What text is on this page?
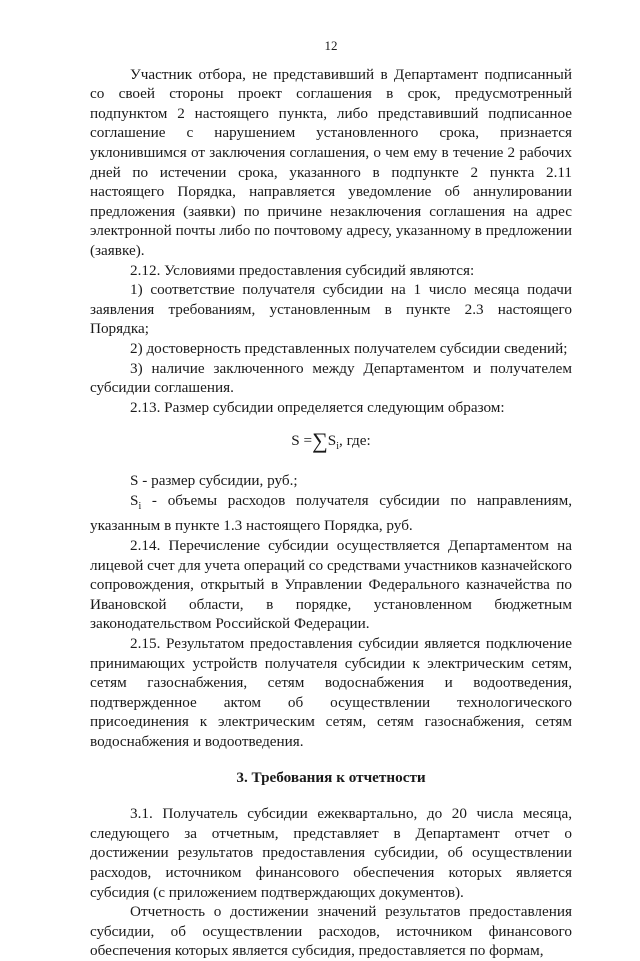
12

Участник отбора, не представивший в Департамент подписанный со своей стороны проект соглашения в срок, предусмотренный подпунктом 2 настоящего пункта, либо представивший подписанное соглашение с нарушением установленного срока, признается уклонившимся от заключения соглашения, о чем ему в течение 2 рабочих дней по истечении срока, указанного в подпункте 2 пункта 2.11 настоящего Порядка, направляется уведомление об аннулировании предложения (заявки) по причине незаключения соглашения на адрес электронной почты либо по почтовому адресу, указанному в предложении (заявке).

2.12. Условиями предоставления субсидий являются:

1) соответствие получателя субсидии на 1 число месяца подачи заявления требованиям, установленным в пункте 2.3 настоящего Порядка;

2) достоверность представленных получателем субсидии сведений;

3) наличие заключенного между Департаментом и получателем субсидии соглашения.

2.13. Размер субсидии определяется следующим образом:

S =∑Si, где:

S - размер субсидии, руб.;

$S_i$ - объемы расходов получателя субсидии по направлениям, указанным в пункте 1.3 настоящего Порядка, руб.

2.14. Перечисление субсидии осуществляется Департаментом на лицевой счет для учета операций со средствами участников казначейского сопровождения, открытый в Управлении Федерального казначейства по Ивановской области, в порядке, установленном бюджетным законодательством Российской Федерации.

2.15. Результатом предоставления субсидии является подключение принимающих устройств получателя субсидии к электрическим сетям, сетям газоснабжения, сетям водоснабжения и водоотведения, подтвержденное актом об осуществлении технологического присоединения к электрическим сетям, сетям газоснабжения, сетям водоснабжения и водоотведения.

3. Требования к отчетности

3.1. Получатель субсидии ежеквартально, до 20 числа месяца, следующего за отчетным, представляет в Департамент отчет о достижении результатов предоставления субсидии, об осуществлении расходов, источником финансового обеспечения которых является субсидия (с приложением подтверждающих документов).

Отчетность о достижении значений результатов предоставления субсидии, об осуществлении расходов, источником финансового обеспечения которых является субсидия, предоставляется по формам,
